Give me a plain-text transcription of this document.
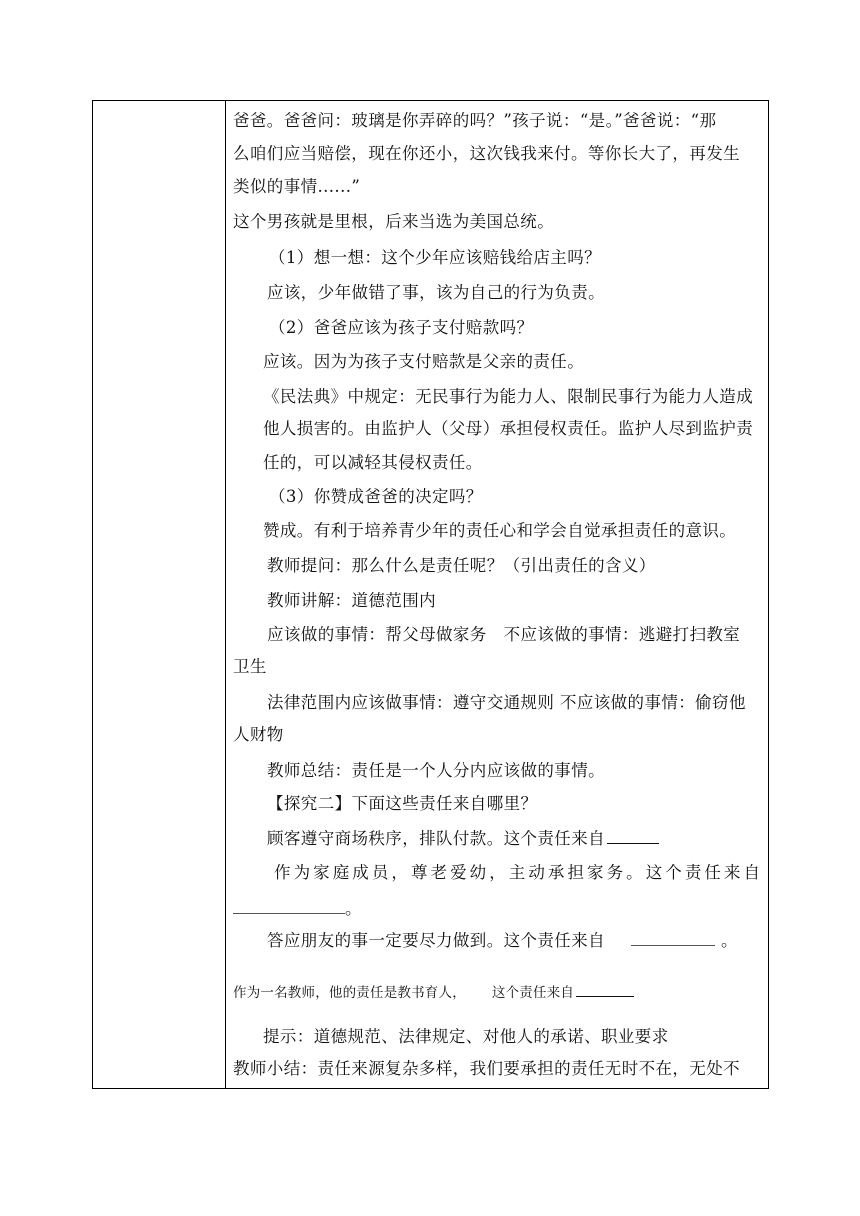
爸爸。爸爸问：玻璃是你弄碎的吗？”孩子说：“是。”爸爸说：“那
么咱们应当赔偿，现在你还小，这次钱我来付。等你长大了，再发生
类似的事情......”
这个男孩就是里根，后来当选为美国总统。
（1）想一想：这个少年应该赔钱给店主吗？
应该，少年做错了事，该为自己的行为负责。
（2）爸爸应该为孩子支付赔款吗？
应该。因为为孩子支付赔款是父亲的责任。
《民法典》中规定：无民事行为能力人、限制民事行为能力人造成
他人损害的。由监护人（父母）承担侵权责任。监护人尽到监护责
任的，可以减轻其侵权责任。
（3）你赞成爸爸的决定吗？
赞成。有利于培养青少年的责任心和学会自觉承担责任的意识。
教师提问：那么什么是责任呢？（引出责任的含义）
教师讲解：道德范围内
应该做的事情：帮父母做家务　不应该做的事情：逃避打扫教室
卫生
法律范围内应该做事情：遵守交通规则 不应该做的事情：偷窃他
人财物
教师总结：责任是一个人分内应该做的事情。
【探究二】下面这些责任来自哪里？
顾客遵守商场秩序，排队付款。这个责任来自
作 为 家 庭 成 员 ， 尊 老 爱 幼 ， 主 动 承 担 家 务 。 这 个 责 任 来 自
。
答应朋友的事一定要尽力做到。这个责任来自	。
作为一名教师，他的责任是教书育人， 这个责任来自
提示：道德规范、法律规定、对他人的承诺、职业要求
教师小结：责任来源复杂多样，我们要承担的责任无时不在，无处不
